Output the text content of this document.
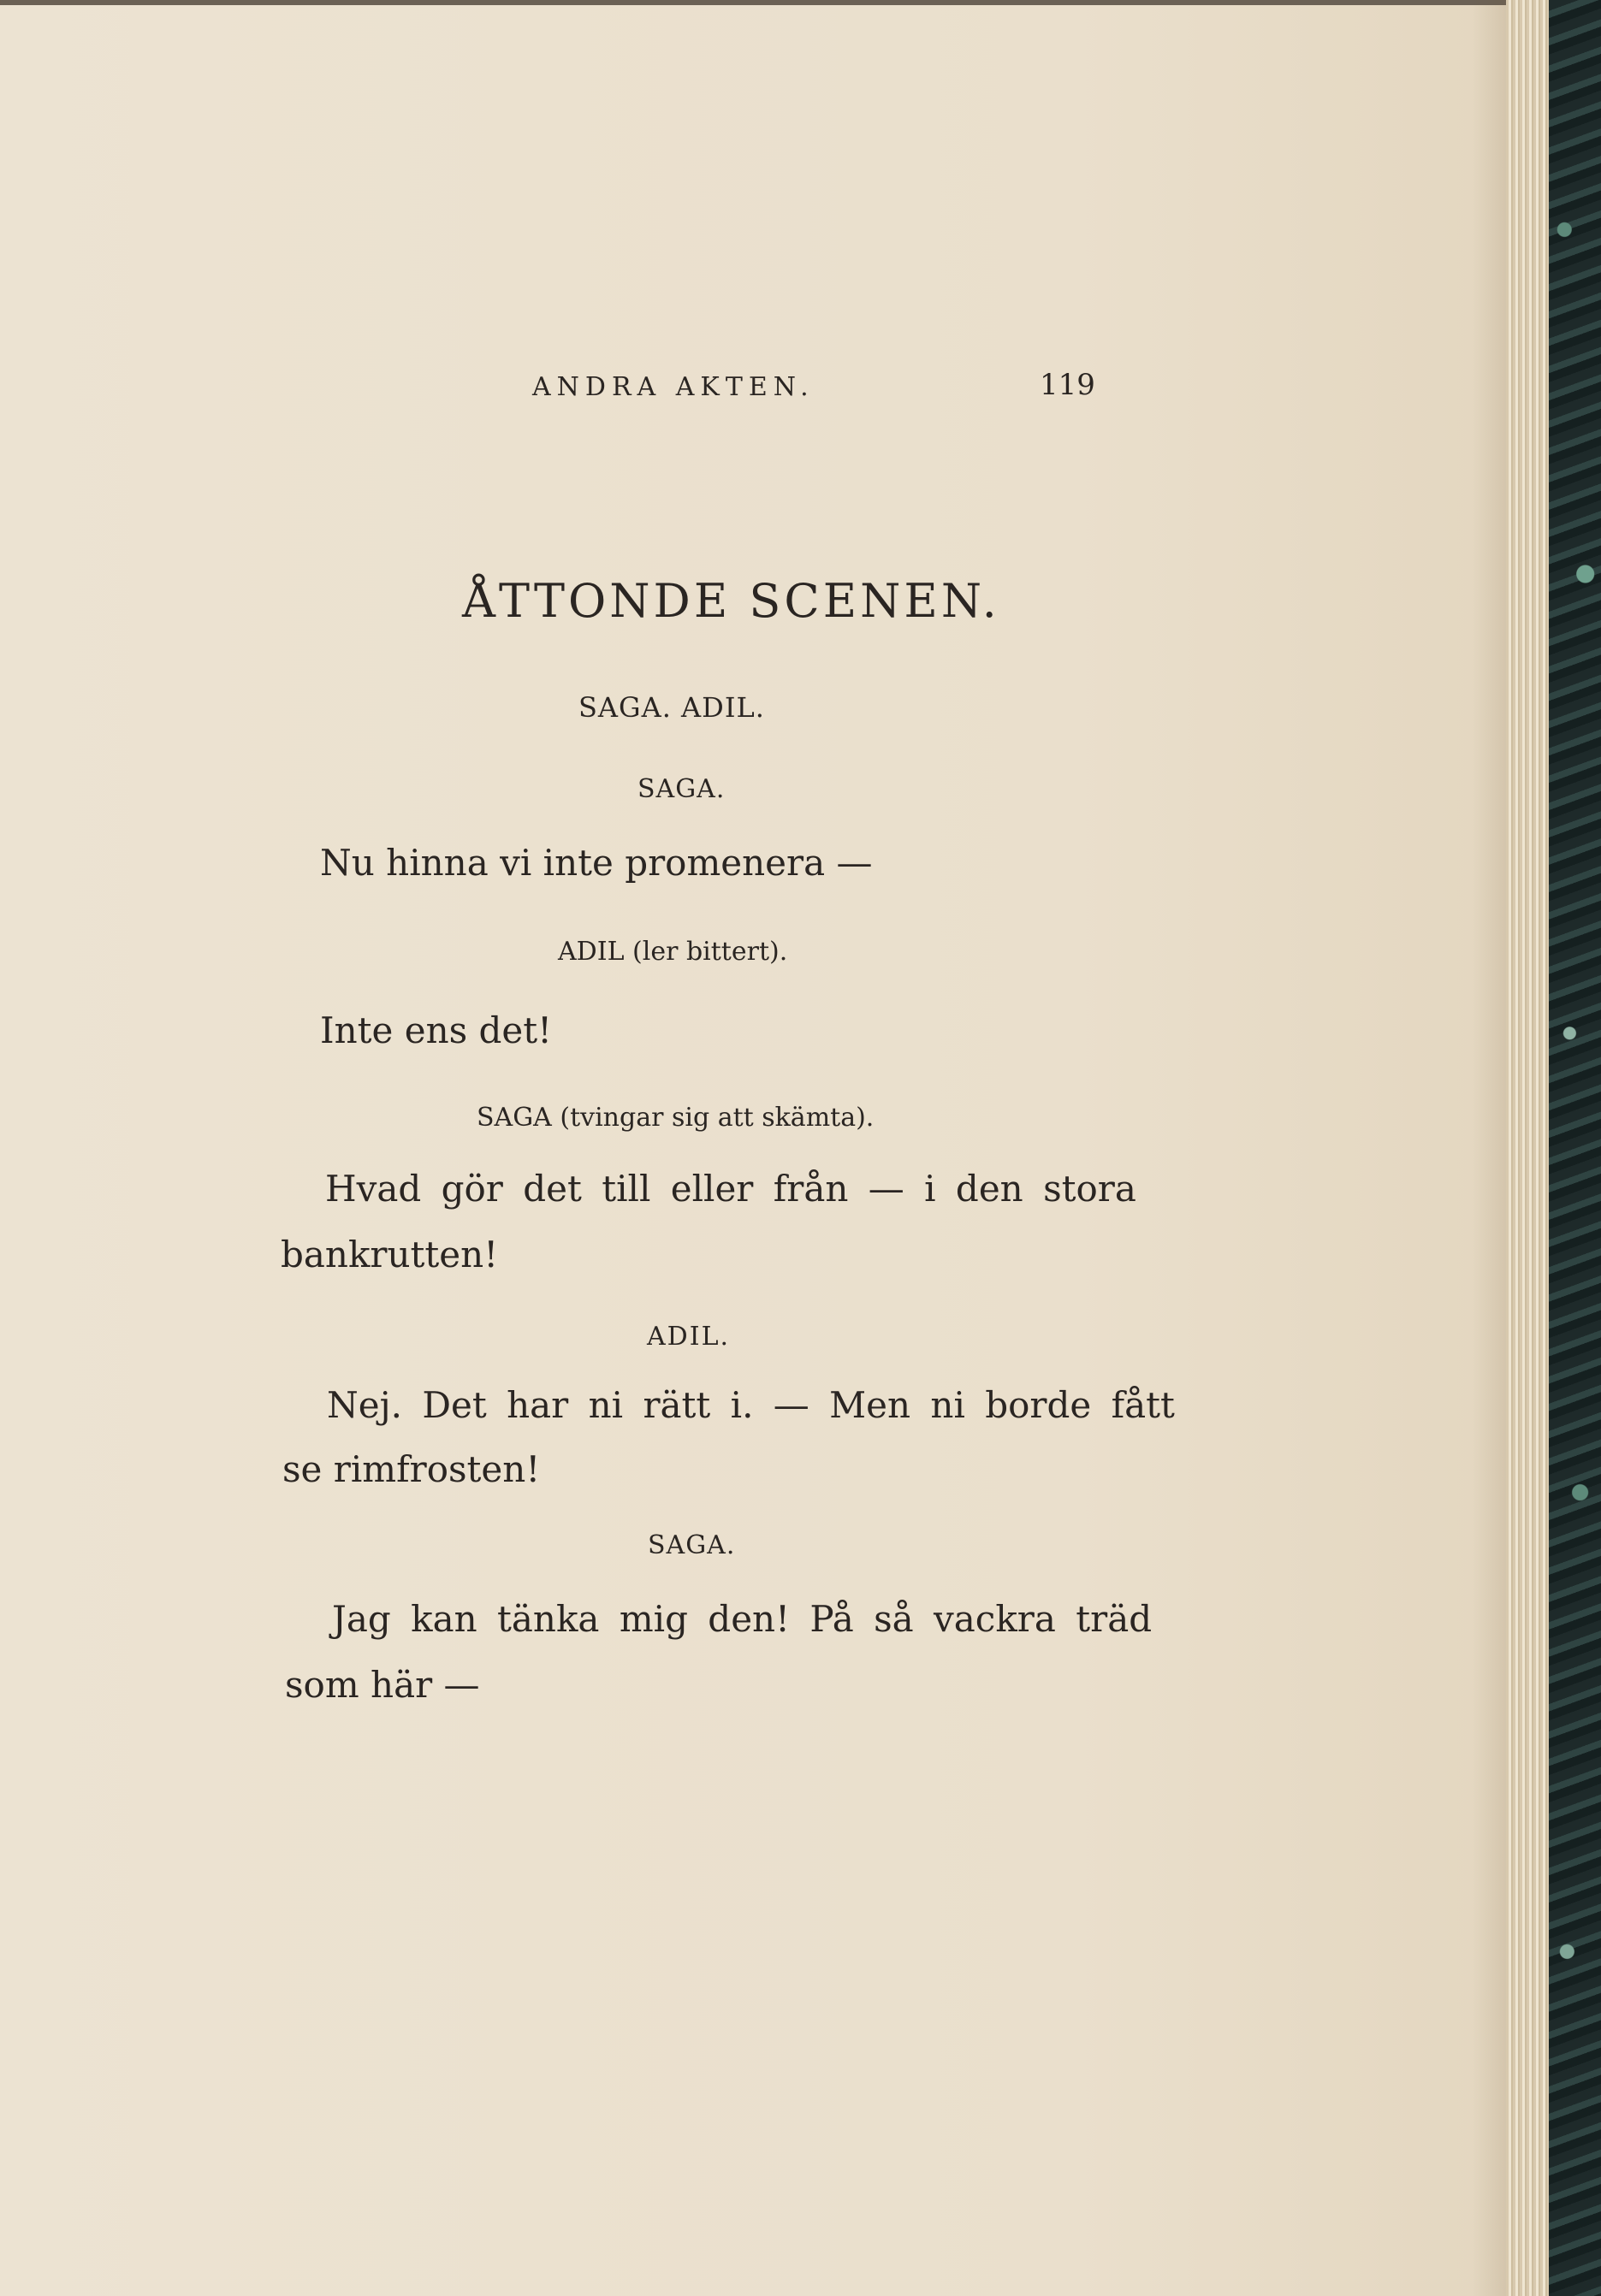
ANDRA AKTEN.	119
ÅTTONDE SCENEN.
SAGA. ADIL.
SAGA.
Nu hinna vi inte promenera —
ADIL (ler bittert).
Inte ens det!
SAGA (tvingar sig att skämta).
Hvad gör det till eller från — i den stora
bankrutten!
ADIL.
Nej. Det har ni rätt i. — Men ni borde fått
se rimfrosten!
SAGA.
Jag kan tänka mig den! På så vackra träd
som här —
